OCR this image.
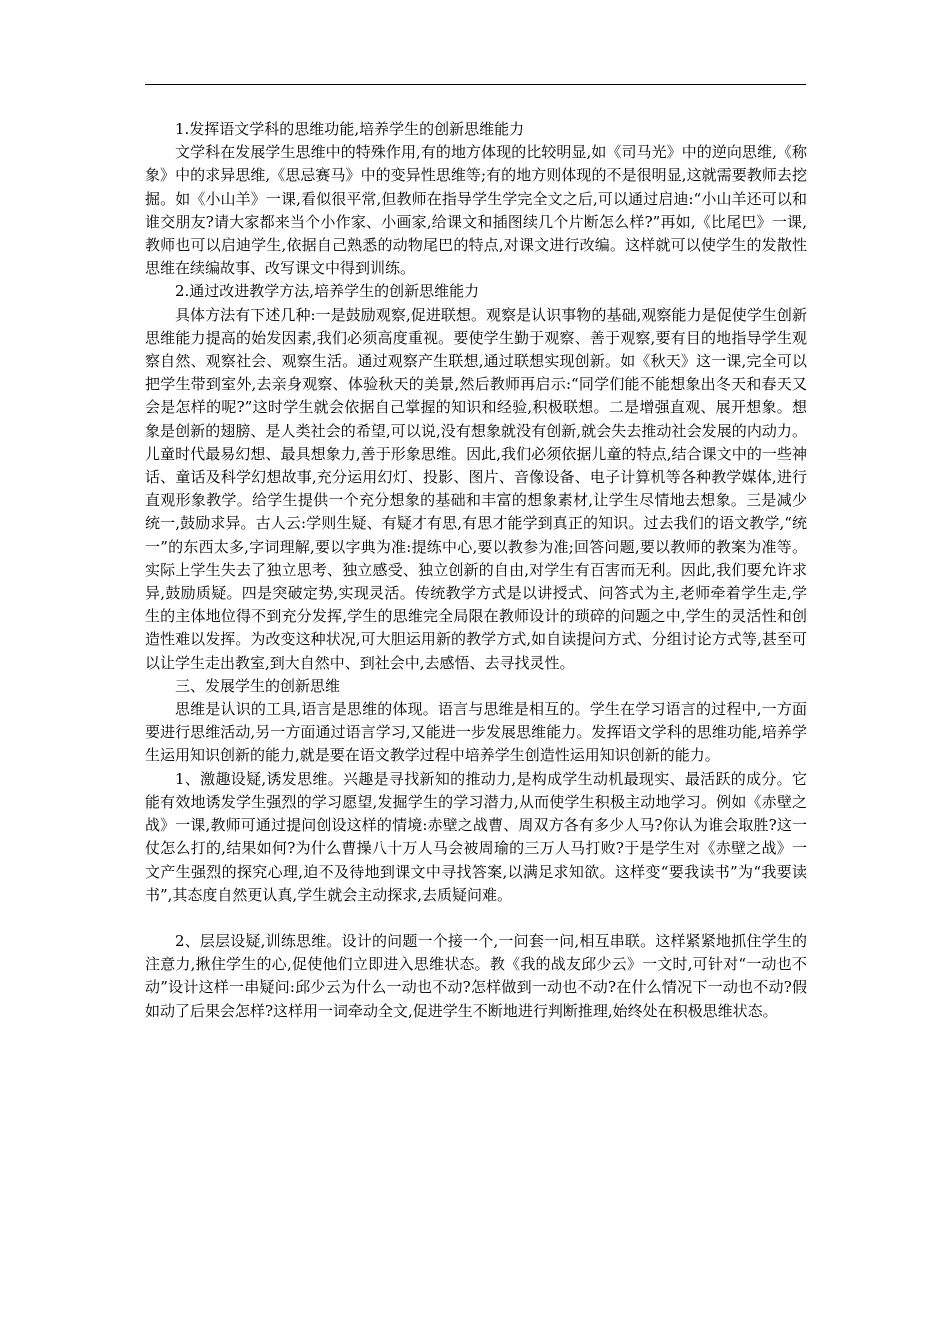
1.发挥语文学科的思维功能,培养学生的创新思维能力

文学科在发展学生思维中的特殊作用,有的地方体现的比较明显,如《司马光》中的逆向思维,《称象》中的求异思维,《思忌赛马》中的变异性思维等;有的地方则体现的不是很明显,这就需要教师去挖掘。如《小山羊》一课,看似很平常,但教师在指导学生学完全文之后,可以通过启迪:“小山羊还可以和谁交朋友?请大家都来当个小作家、小画家,给课文和插图续几个片断怎么样?”再如,《比尾巴》一课,教师也可以启迪学生,依据自己熟悉的动物尾巴的特点,对课文进行改编。这样就可以使学生的发散性思维在续编故事、改写课文中得到训练。

2.通过改进教学方法,培养学生的创新思维能力

具体方法有下述几种:一是鼓励观察,促进联想。观察是认识事物的基础,观察能力是促使学生创新思维能力提高的始发因素,我们必须高度重视。要使学生勤于观察、善于观察,要有目的地指导学生观察自然、观察社会、观察生活。通过观察产生联想,通过联想实现创新。如《秋天》这一课,完全可以把学生带到室外,去亲身观察、体验秋天的美景,然后教师再启示:“同学们能不能想象出冬天和春天又会是怎样的呢?”这时学生就会依据自己掌握的知识和经验,积极联想。二是增强直观、展开想象。想象是创新的翅膀、是人类社会的希望,可以说,没有想象就没有创新,就会失去推动社会发展的内动力。儿童时代最易幻想、最具想象力,善于形象思维。因此,我们必须依据儿童的特点,结合课文中的一些神话、童话及科学幻想故事,充分运用幻灯、投影、图片、音像设备、电子计算机等各种教学媒体,进行直观形象教学。给学生提供一个充分想象的基础和丰富的想象素材,让学生尽情地去想象。三是减少统一,鼓励求异。古人云:学则生疑、有疑才有思,有思才能学到真正的知识。过去我们的语文教学,“统一”的东西太多,字词理解,要以字典为准:提练中心,要以教参为准;回答问题,要以教师的教案为准等。实际上学生失去了独立思考、独立感受、独立创新的自由,对学生有百害而无利。因此,我们要允许求异,鼓励质疑。四是突破定势,实现灵活。传统教学方式是以讲授式、问答式为主,老师牵着学生走,学生的主体地位得不到充分发挥,学生的思维完全局限在教师设计的琐碎的问题之中,学生的灵活性和创造性难以发挥。为改变这种状况,可大胆运用新的教学方式,如自读提问方式、分组讨论方式等,甚至可以让学生走出教室,到大自然中、到社会中,去感悟、去寻找灵性。

三、发展学生的创新思维

思维是认识的工具,语言是思维的体现。语言与思维是相互的。学生在学习语言的过程中,一方面要进行思维活动,另一方面通过语言学习,又能进一步发展思维能力。发挥语文学科的思维功能,培养学生运用知识创新的能力,就是要在语文教学过程中培养学生创造性运用知识创新的能力。

1、激趣设疑,诱发思维。兴趣是寻找新知的推动力,是构成学生动机最现实、最活跃的成分。它能有效地诱发学生强烈的学习愿望,发掘学生的学习潜力,从而使学生积极主动地学习。例如《赤壁之战》一课,教师可通过提问创设这样的情境:赤壁之战曹、周双方各有多少人马?你认为谁会取胜?这一仗怎么打的,结果如何?为什么曹操八十万人马会被周瑜的三万人马打败?于是学生对《赤壁之战》一文产生强烈的探究心理,迫不及待地到课文中寻找答案,以满足求知欲。这样变“要我读书”为“我要读书”,其态度自然更认真,学生就会主动探求,去质疑问难。

2、层层设疑,训练思维。设计的问题一个接一个,一问套一问,相互串联。这样紧紧地抓住学生的注意力,揪住学生的心,促使他们立即进入思维状态。教《我的战友邱少云》一文时,可针对“一动也不动”设计这样一串疑问:邱少云为什么一动也不动?怎样做到一动也不动?在什么情况下一动也不动?假如动了后果会怎样?这样用一词牵动全文,促进学生不断地进行判断推理,始终处在积极思维状态。
